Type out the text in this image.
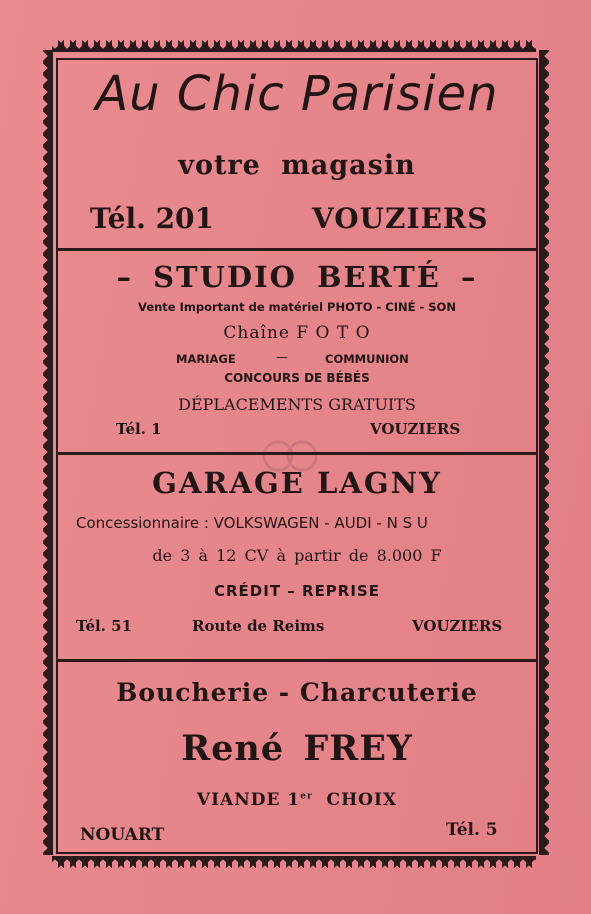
Au Chic Parisien
votre magasin
Tél. 201	VOUZIERS
– STUDIO BERTÉ –
Vente Important de matériel PHOTO - CINÉ - SON
Chaîne F O T O
MARIAGE	—	COMMUNION
CONCOURS DE BÉBÉS
DÉPLACEMENTS GRATUITS
Tél. 1	VOUZIERS
GARAGE LAGNY
Concessionnaire : VOLKSWAGEN - AUDI - N S U
de 3 à 12 CV à partir de 8.000 F
CRÉDIT – REPRISE
Tél. 51	Route de Reims	VOUZIERS
Boucherie - Charcuterie
René FREY
VIANDE 1er  CHOIX
NOUART	Tél. 5
